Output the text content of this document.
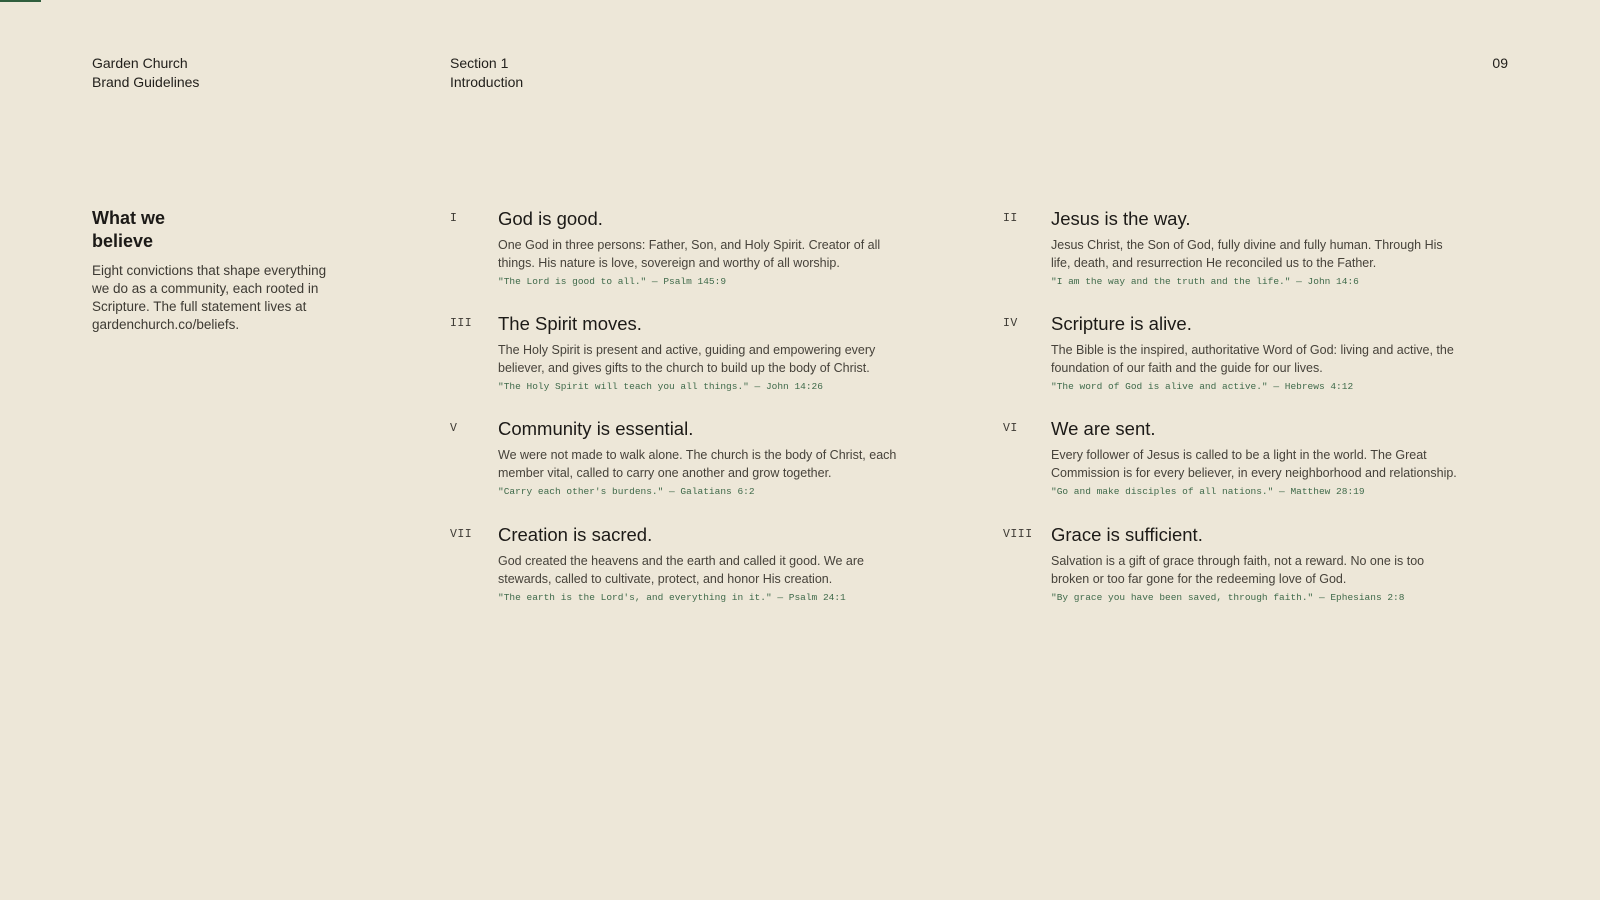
Garden Church
Brand Guidelines
Section 1
Introduction
09
What we
believe

Eight convictions that shape everything we do as a community, each rooted in Scripture. The full statement lives at gardenchurch.co/beliefs.

I God is good.

One God in three persons: Father, Son, and Holy Spirit. Creator of all things. His nature is love, sovereign and worthy of all worship.

"The Lord is good to all." — Psalm 145:9

II Jesus is the way.

Jesus Christ, the Son of God, fully divine and fully human. Through His life, death, and resurrection He reconciled us to the Father.

"I am the way and the truth and the life." — John 14:6

III The Spirit moves.

The Holy Spirit is present and active, guiding and empowering every believer, and gives gifts to the church to build up the body of Christ.

"The Holy Spirit will teach you all things." — John 14:26

IV Scripture is alive.

The Bible is the inspired, authoritative Word of God: living and active, the foundation of our faith and the guide for our lives.

"The word of God is alive and active." — Hebrews 4:12

V Community is essential.

We were not made to walk alone. The church is the body of Christ, each member vital, called to carry one another and grow together.

"Carry each other's burdens." — Galatians 6:2

VI We are sent.

Every follower of Jesus is called to be a light in the world. The Great Commission is for every believer, in every neighborhood and relationship.

"Go and make disciples of all nations." — Matthew 28:19

VII Creation is sacred.

God created the heavens and the earth and called it good. We are stewards, called to cultivate, protect, and honor His creation.

"The earth is the Lord's, and everything in it." — Psalm 24:1

VIII Grace is sufficient.

Salvation is a gift of grace through faith, not a reward. No one is too broken or too far gone for the redeeming love of God.

"By grace you have been saved, through faith." — Ephesians 2:8
